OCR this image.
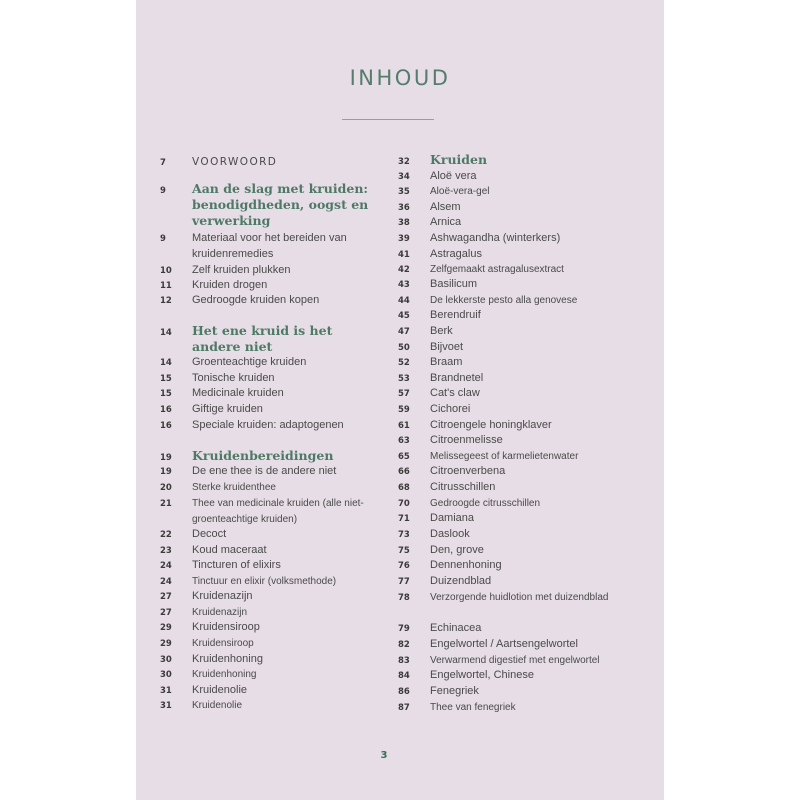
INHOUD
7	VOORWOORD
9	Aan de slag met kruiden: benodigdheden, oogst en verwerking
9	Materiaal voor het bereiden van kruidenremedies
10	Zelf kruiden plukken
11	Kruiden drogen
12	Gedroogde kruiden kopen
14	Het ene kruid is het andere niet
14	Groenteachtige kruiden
15	Tonische kruiden
15	Medicinale kruiden
16	Giftige kruiden
16	Speciale kruiden: adaptogenen
19	Kruidenbereidingen
19	De ene thee is de andere niet
20	Sterke kruidenthee
21	Thee van medicinale kruiden (alle niet-groenteachtige kruiden)
22	Decoct
23	Koud maceraat
24	Tincturen of elixirs
24	Tinctuur en elixir (volksmethode)
27	Kruidenazijn
27	Kruidenazijn
29	Kruidensiroop
29	Kruidensiroop
30	Kruidenhoning
30	Kruidenhoning
31	Kruidenolie
31	Kruidenolie
32	Kruiden
34	Aloë vera
35	Aloë-vera-gel
36	Alsem
38	Arnica
39	Ashwagandha (winterkers)
41	Astragalus
42	Zelfgemaakt astragalusextract
43	Basilicum
44	De lekkerste pesto alla genovese
45	Berendruif
47	Berk
50	Bijvoet
52	Braam
53	Brandnetel
57	Cat's claw
59	Cichorei
61	Citroengele honingklaver
63	Citroenmelisse
65	Melissegeest of karmelietenwater
66	Citroenverbena
68	Citrusschillen
70	Gedroogde citrusschillen
71	Damiana
73	Daslook
75	Den, grove
76	Dennenhoning
77	Duizendblad
78	Verzorgende huidlotion met duizendblad
79	Echinacea
82	Engelwortel / Aartsengelwortel
83	Verwarmend digestief met engelwortel
84	Engelwortel, Chinese
86	Fenegriek
87	Thee van fenegriek
3
